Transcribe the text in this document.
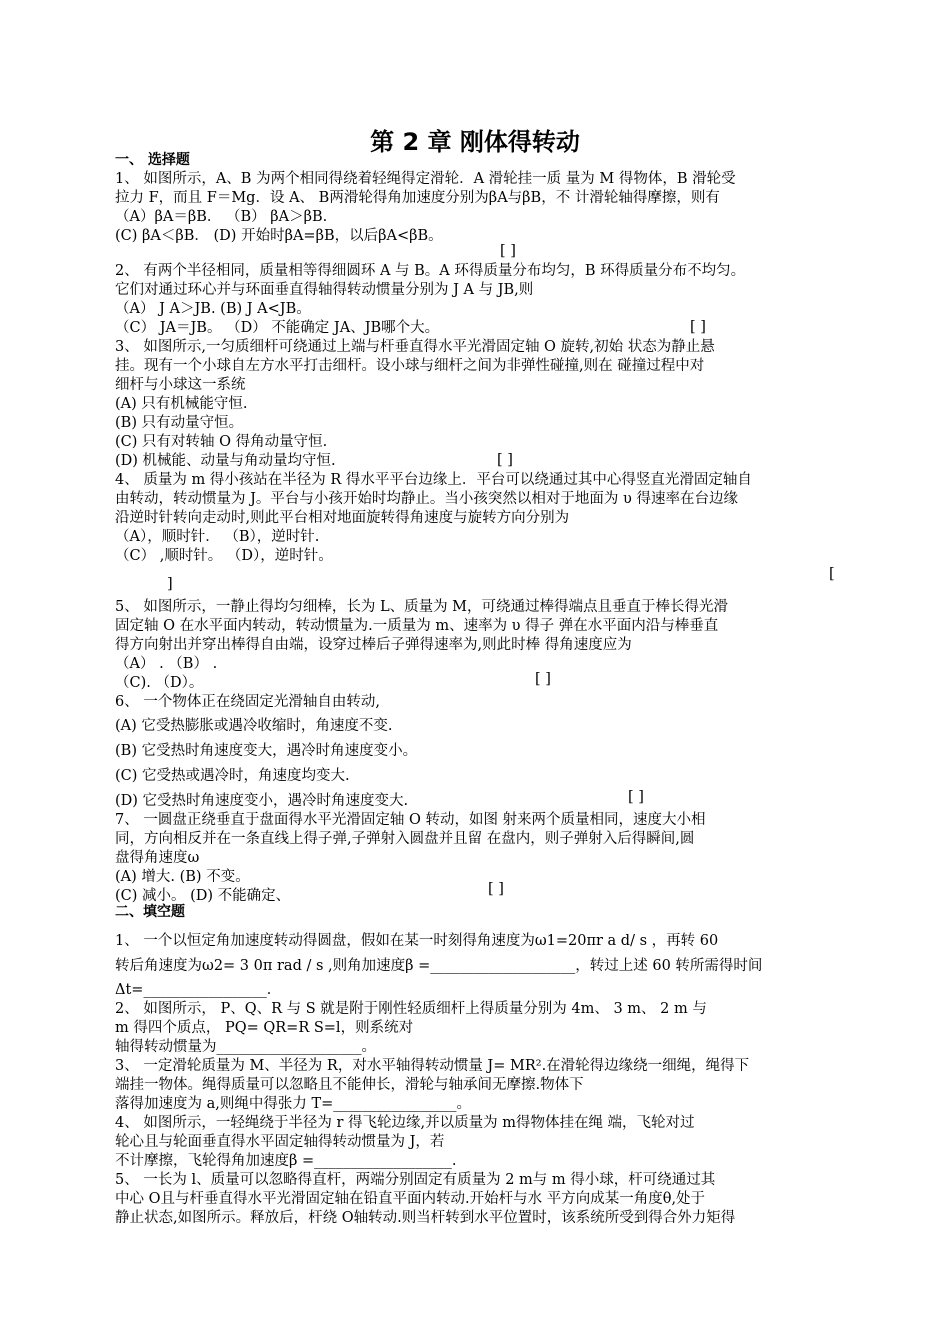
第 2 章 刚体得转动
一、 选择题
1、 如图所示，A、B 为两个相同得绕着轻绳得定滑轮．A 滑轮挂一质 量为 M 得物体，B 滑轮受
拉力 F，而且 F＝Mg．设 A、 B两滑轮得角加速度分别为βA与βB，不 计滑轮轴得摩擦，则有
（A）βA＝βB． （B） βA＞βB.
(C) βA＜βB． (D) 开始时βA=βB，以后βA<βB。
2、 有两个半径相同，质量相等得细圆环 A 与 B。A 环得质量分布均匀，B 环得质量分布不均匀。
它们对通过环心并与环面垂直得轴得转动惯量分别为 J A 与 JB,则
（A） J A＞JB. (B) J A<JB。
（C） JA＝JB。 （D） 不能确定 JA、JB哪个大。
3、 如图所示,一匀质细杆可绕通过上端与杆垂直得水平光滑固定轴 O 旋转,初始 状态为静止悬
挂。现有一个小球自左方水平打击细杆。设小球与细杆之间为非弹性碰撞,则在 碰撞过程中对
细杆与小球这一系统
(A) 只有机械能守恒.
(B) 只有动量守恒。
(C) 只有对转轴 O 得角动量守恒.
(D) 机械能、动量与角动量均守恒.
4、 质量为 m 得小孩站在半径为 R 得水平平台边缘上．平台可以绕通过其中心得竖直光滑固定轴自
由转动，转动惯量为 J。平台与小孩开始时均静止。当小孩突然以相对于地面为 υ 得速率在台边缘
沿逆时针转向走动时,则此平台相对地面旋转得角速度与旋转方向分别为
（A），顺时针． （B），逆时针.
（C） ,顺时针。 （D），逆时针。
5、 如图所示，一静止得均匀细棒，长为 L、质量为 M，可绕通过棒得端点且垂直于棒长得光滑
固定轴 O 在水平面内转动，转动惯量为.一质量为 m、速率为 υ 得子 弹在水平面内沿与棒垂直
得方向射出并穿出棒得自由端，设穿过棒后子弹得速率为,则此时棒 得角速度应为
（A） . （B） .
（C). （D）。
6、 一个物体正在绕固定光滑轴自由转动,
(A) 它受热膨胀或遇冷收缩时，角速度不变.
(B) 它受热时角速度变大，遇冷时角速度变小。
(C) 它受热或遇冷时，角速度均变大.
(D) 它受热时角速度变小，遇冷时角速度变大.
7、 一圆盘正绕垂直于盘面得水平光滑固定轴 O 转动，如图 射来两个质量相同，速度大小相
同，方向相反并在一条直线上得子弹,子弹射入圆盘并且留 在盘内，则子弹射入后得瞬间,圆
盘得角速度ω
(A) 增大. (B) 不变。
(C) 减小。 (D) 不能确定、
1、 一个以恒定角加速度转动得圆盘，假如在某一时刻得角速度为ω1=20πr a d/ s ，再转 60
转后角速度为ω2= 3 0π rad / s ,则角加速度β =____________________，转过上述 60 转所需得时间
Δt=_________________．
2、 如图所示， P、Q、R 与 S 就是附于刚性轻质细杆上得质量分别为 4m、 3 m、 2 m 与
m 得四个质点， PQ= QR=R S=l，则系统对
轴得转动惯量为____________________。
3、 一定滑轮质量为 M、半径为 R，对水平轴得转动惯量 J= MR².在滑轮得边缘绕一细绳，绳得下
端挂一物体。绳得质量可以忽略且不能伸长，滑轮与轴承间无摩擦.物体下
落得加速度为 a,则绳中得张力 T=_________________。
4、 如图所示，一轻绳绕于半径为 r 得飞轮边缘,并以质量为 m得物体挂在绳 端，飞轮对过
轮心且与轮面垂直得水平固定轴得转动惯量为 J，若
不计摩擦，飞轮得角加速度β =___________________.
5、 一长为 l、质量可以忽略得直杆，两端分别固定有质量为 2 m与 m 得小球，杆可绕通过其
中心 O且与杆垂直得水平光滑固定轴在铅直平面内转动.开始杆与水 平方向成某一角度θ,处于
静止状态,如图所示。释放后，杆绕 O轴转动.则当杆转到水平位置时，该系统所受到得合外力矩得
二、填空题
[ ]
[ ]
[ ]
[
]
[ ]
[ ]
[ ]
